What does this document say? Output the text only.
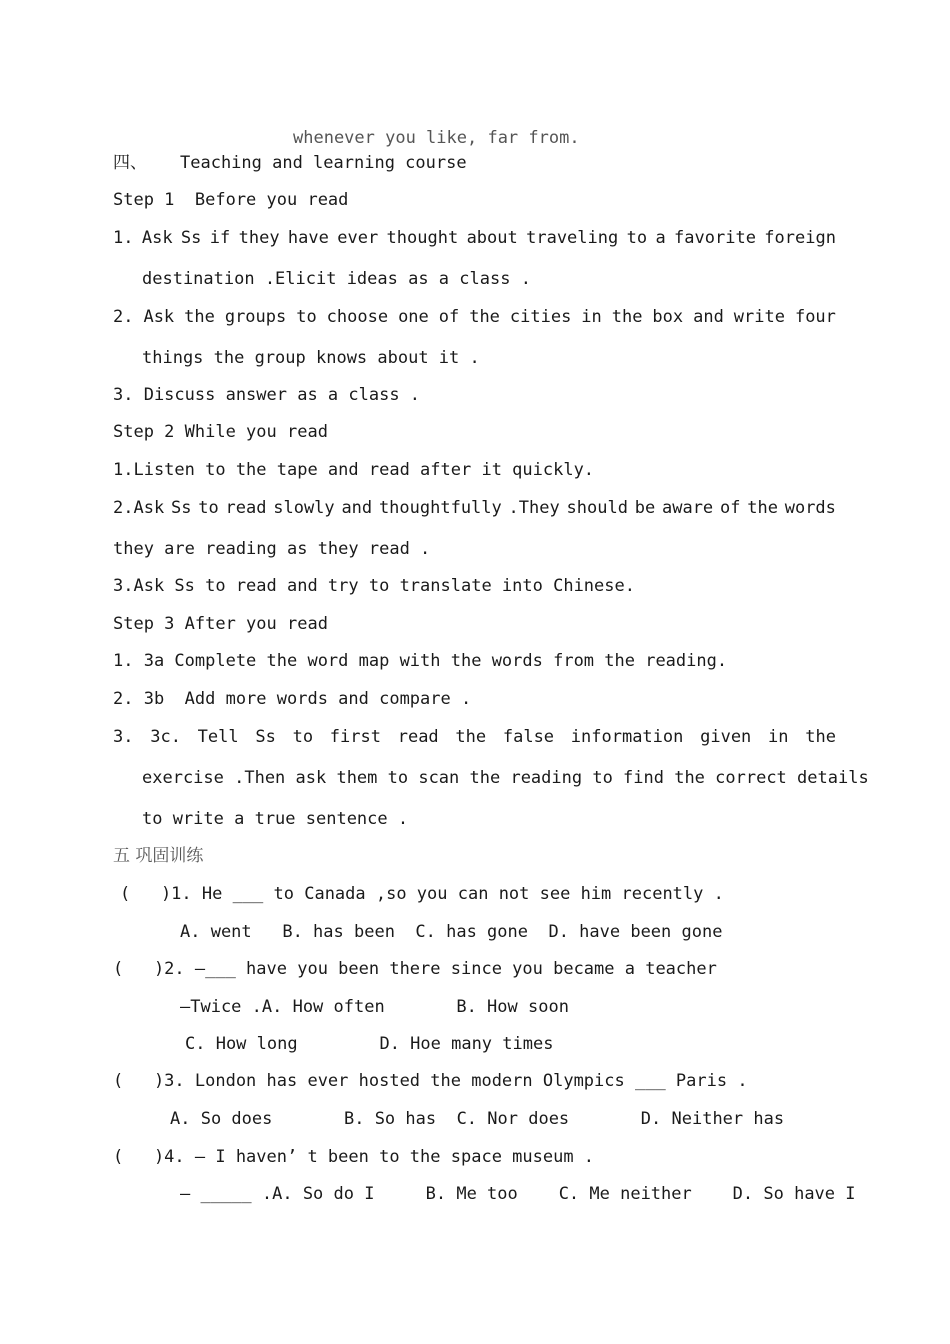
whenever you like, far from.
四、 Teaching and learning course
Step 1  Before you read
1. Ask Ss if they have ever thought about traveling to a favorite foreign
destination .Elicit ideas as a class .
2. Ask the groups to choose one of the cities in the box and write four
things the group knows about it .
3. Discuss answer as a class .
Step 2 While you read
1.Listen to the tape and read after it quickly.
2.Ask Ss to read slowly and thoughtfully .They should be aware of the words
they are reading as they read .
3.Ask Ss to read and try to translate into Chinese.
Step 3 After you read
1. 3a Complete the word map with the words from the reading.
2. 3b  Add more words and compare .
3. 3c. Tell Ss to first read the false information given in the
exercise .Then ask them to scan the reading to find the correct details
to write a true sentence .
五 巩固训练
(   )1. He ___ to Canada ,so you can not see him recently .
A. went   B. has been  C. has gone  D. have been gone
(   )2. —___ have you been there since you became a teacher
—Twice .A. How often       B. How soon
C. How long        D. Hoe many times
(   )3. London has ever hosted the modern Olympics ___ Paris .
A. So does       B. So has  C. Nor does       D. Neither has
(   )4. — I haven’ t been to the space museum .
— _____ .A. So do I     B. Me too    C. Me neither    D. So have I
